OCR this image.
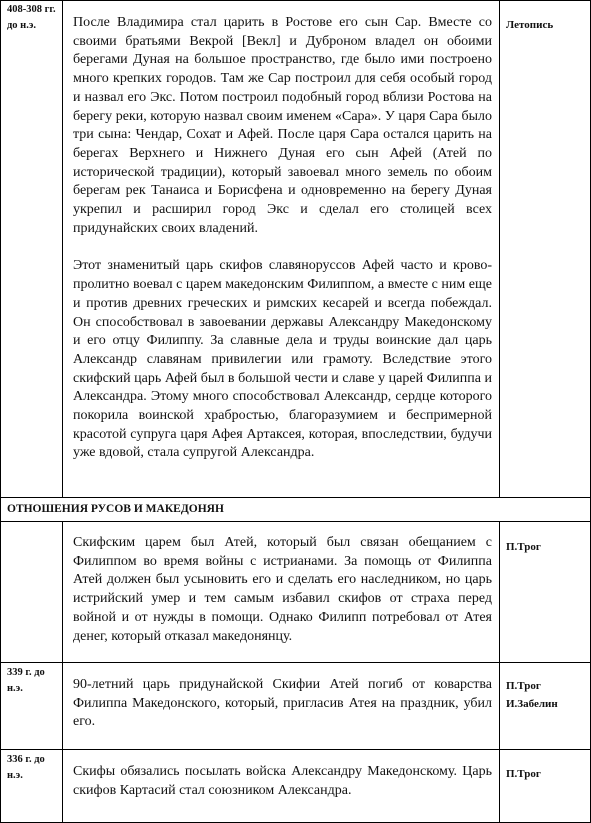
408-308 гг. до н.э.	После Владимира стал царить в Ростове его сын Сар. Вместе со своими братьями Векрой [Векл] и Дуброном владел он обоими берегами Дуная на большое пространство, где было ими построено много крепких городов. Там же Сар построил для себя особый город и назвал его Экс. Потом построил подобный город вблизи Ростова на берегу реки, которую назвал своим именем «Сара». У царя Сара было три сына: Чендар, Сохат и Афей. После царя Сара остался царить на берегах Верхнего и Нижнего Дуная его сын Афей (Атей по исторической традиции), который завоевал много земель по обоим берегам рек Танаиса и Борисфена и одновременно на берегу Дуная укрепил и расширил город Экс и сделал его столицей всех придунайских своих владений.

Этот знаменитый царь скифов славяноруссов Афей часто и крово-пролитно воевал с царем македонским Филиппом, а вместе с ним еще и против древних греческих и римских кесарей и всегда побеждал. Он способствовал в завоевании державы Александру Македонскому и его отцу Филиппу. За славные дела и труды воинские дал царь Александр славянам привилегии или грамоту. Вследствие этого скифский царь Афей был в большой чести и славе у царей Филиппа и Александра. Этому много способствовал Александр, сердце которого покорила воинской храбростью, благоразумием и беспримерной красотой супруга царя Афея Артаксея, которая, впоследствии, будучи уже вдовой, стала супругой Александра.	Летопись

ОТНОШЕНИЯ РУСОВ И МАКЕДОНЯН		

	Скифским царем был Атей, который был связан обещанием с Филиппом во время войны с истрианами. За помощь от Филиппа Атей должен был усыновить его и сделать его наследником, но царь истрийский умер и тем самым избавил скифов от страха перед войной и от нужды в помощи. Однако Филипп потребовал от Атея денег, который отказал македонянцу.	П.Трог

339 г. до н.э.	90-летний царь придунайской Скифии Атей погиб от коварства Филиппа Македонского, который, пригласив Атея на праздник, убил его.	П.Трог
И.Забелин

336 г. до н.э.	Скифы обязались посылать войска Александру Македонскому. Царь скифов Картасий стал союзником Александра.	П.Трог
